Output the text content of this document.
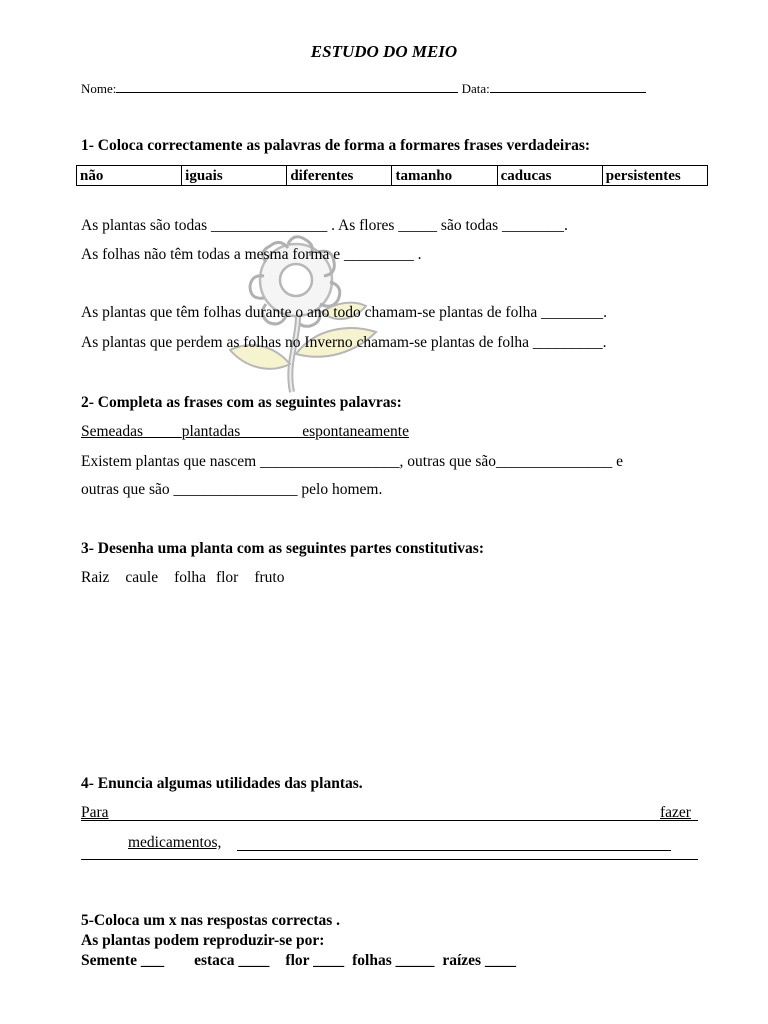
ESTUDO DO MEIO
Nome:	Data:
1- Coloca correctamente as palavras de forma a formares frases verdadeiras:
não	iguais	diferentes	tamanho	caducas	persistentes
As plantas são todas _______________ . As flores _____ são todas ________.
As folhas não têm todas a mesma forma e _________ .
As plantas que têm folhas durante o ano todo chamam-se plantas de folha ________.
As plantas que perdem as folhas no Inverno chamam-se plantas de folha _________.
2- Completa as frases com as seguintes palavras:
Semeadas_____plantadas________espontaneamente
Existem plantas que nascem __________________, outras que são_______________ e
outras que são ________________ pelo homem.
3- Desenha uma planta com as seguintes partes constitutivas:
Raiz caule folha flor fruto
4- Enuncia algumas utilidades das plantas.
Para	fazer
medicamentos,
5-Coloca um x nas respostas correctas .
As plantas podem reproduzir-se por:
Semente ___ estaca ____ flor ____ folhas _____ raízes ____
